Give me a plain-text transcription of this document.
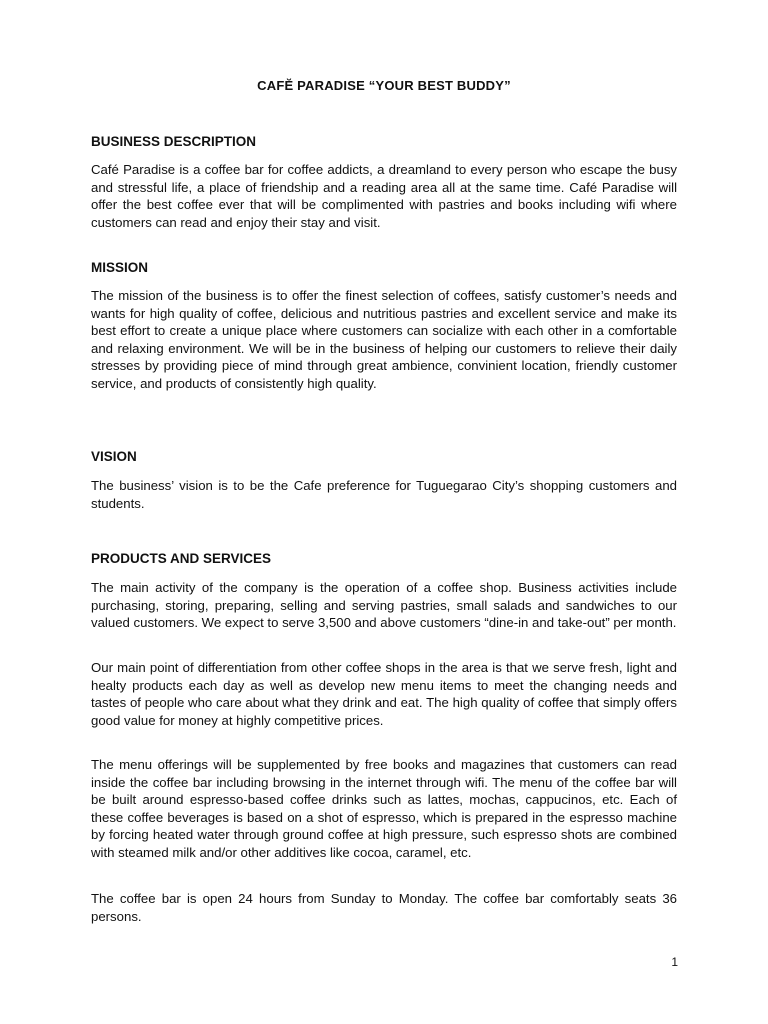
CAFĔ PARADISE “YOUR BEST BUDDY”
BUSINESS DESCRIPTION

Café Paradise is a coffee bar for coffee addicts, a dreamland to every person who escape the busy and stressful life, a place of friendship and a reading area all at the same time. Café Paradise will offer the best coffee ever that will be complimented with pastries and books including wifi where customers can read and enjoy their stay and visit.

MISSION

The mission of the business is to offer the finest selection of coffees, satisfy customer’s needs and wants for high quality of coffee, delicious and nutritious pastries and excellent service and make its best effort to create a unique place where customers can socialize with each other in a comfortable and relaxing environment. We will be in the business of helping our customers to relieve their daily stresses by providing piece of mind through great ambience, convinient location, friendly customer service, and products of consistently high quality.

VISION

The business’ vision is to be the Cafe preference for Tuguegarao City’s shopping customers and students.

PRODUCTS AND SERVICES

The main activity of the company is the operation of a coffee shop. Business activities include purchasing, storing, preparing, selling and serving pastries, small salads and sandwiches to our valued customers. We expect to serve 3,500 and above customers “dine-in and take-out” per month.

Our main point of differentiation from other coffee shops in the area is that we serve fresh, light and healty products each day as well as develop new menu items to meet the changing needs and tastes of people who care about what they drink and eat. The high quality of coffee that simply offers good value for money at highly competitive prices.

The menu offerings will be supplemented by free books and magazines that customers can read inside the coffee bar including browsing in the internet through wifi. The menu of the coffee bar will be built around espresso-based coffee drinks such as lattes, mochas, cappucinos, etc. Each of these coffee beverages is based on a shot of espresso, which is prepared in the espresso machine by forcing heated water through ground coffee at high pressure, such espresso shots are combined with steamed milk and/or other additives like cocoa, caramel, etc.

The coffee bar is open 24 hours from Sunday to Monday. The coffee bar comfortably seats 36 persons.

1
